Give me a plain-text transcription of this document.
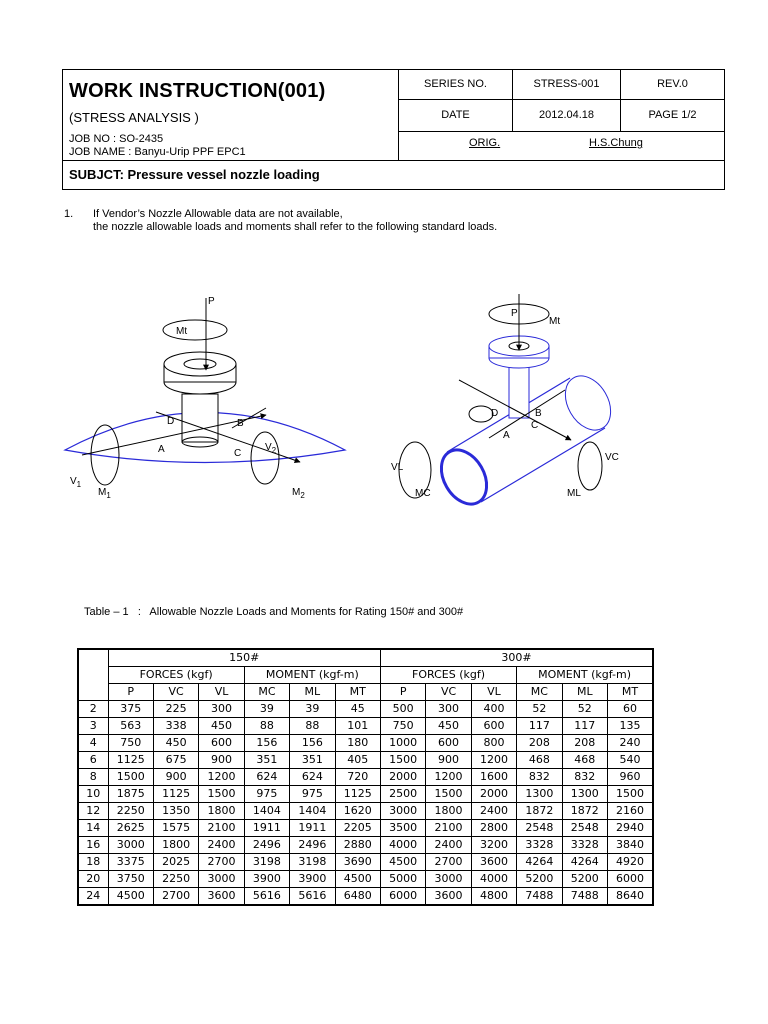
WORK INSTRUCTION(001)
(STRESS ANALYSIS )
JOB NO : SO-2435
JOB NAME : Banyu-Urip PPF EPC1
SERIES NO.	STRESS-001	REV.0
DATE	2012.04.18	PAGE 1/2
ORIG.	H.S.Chung
SUBJCT: Pressure vessel nozzle loading
1. If Vendor’s Nozzle Allowable data are not available,
the nozzle allowable loads and moments shall refer to the following standard loads.
P
Mt
A
B
C
D
$V_1$
$V_2$
$M_1$	$M_2$
P
Mt
A
B
C
D
VL
VC
MC	ML
Table – 1   :   Allowable Nozzle Loads and Moments for Rating 150# and 300#
	150#						300#					
	FORCES (kgf)			MOMENT (kgf-m)			FORCES (kgf)			MOMENT (kgf-m)		
	P	VC	VL	MC	ML	MT	P	VC	VL	MC	ML	MT
2	375	225	300	39	39	45	500	300	400	52	52	60
3	563	338	450	88	88	101	750	450	600	117	117	135
4	750	450	600	156	156	180	1000	600	800	208	208	240
6	1125	675	900	351	351	405	1500	900	1200	468	468	540
8	1500	900	1200	624	624	720	2000	1200	1600	832	832	960
10	1875	1125	1500	975	975	1125	2500	1500	2000	1300	1300	1500
12	2250	1350	1800	1404	1404	1620	3000	1800	2400	1872	1872	2160
14	2625	1575	2100	1911	1911	2205	3500	2100	2800	2548	2548	2940
16	3000	1800	2400	2496	2496	2880	4000	2400	3200	3328	3328	3840
18	3375	2025	2700	3198	3198	3690	4500	2700	3600	4264	4264	4920
20	3750	2250	3000	3900	3900	4500	5000	3000	4000	5200	5200	6000
24	4500	2700	3600	5616	5616	6480	6000	3600	4800	7488	7488	8640
